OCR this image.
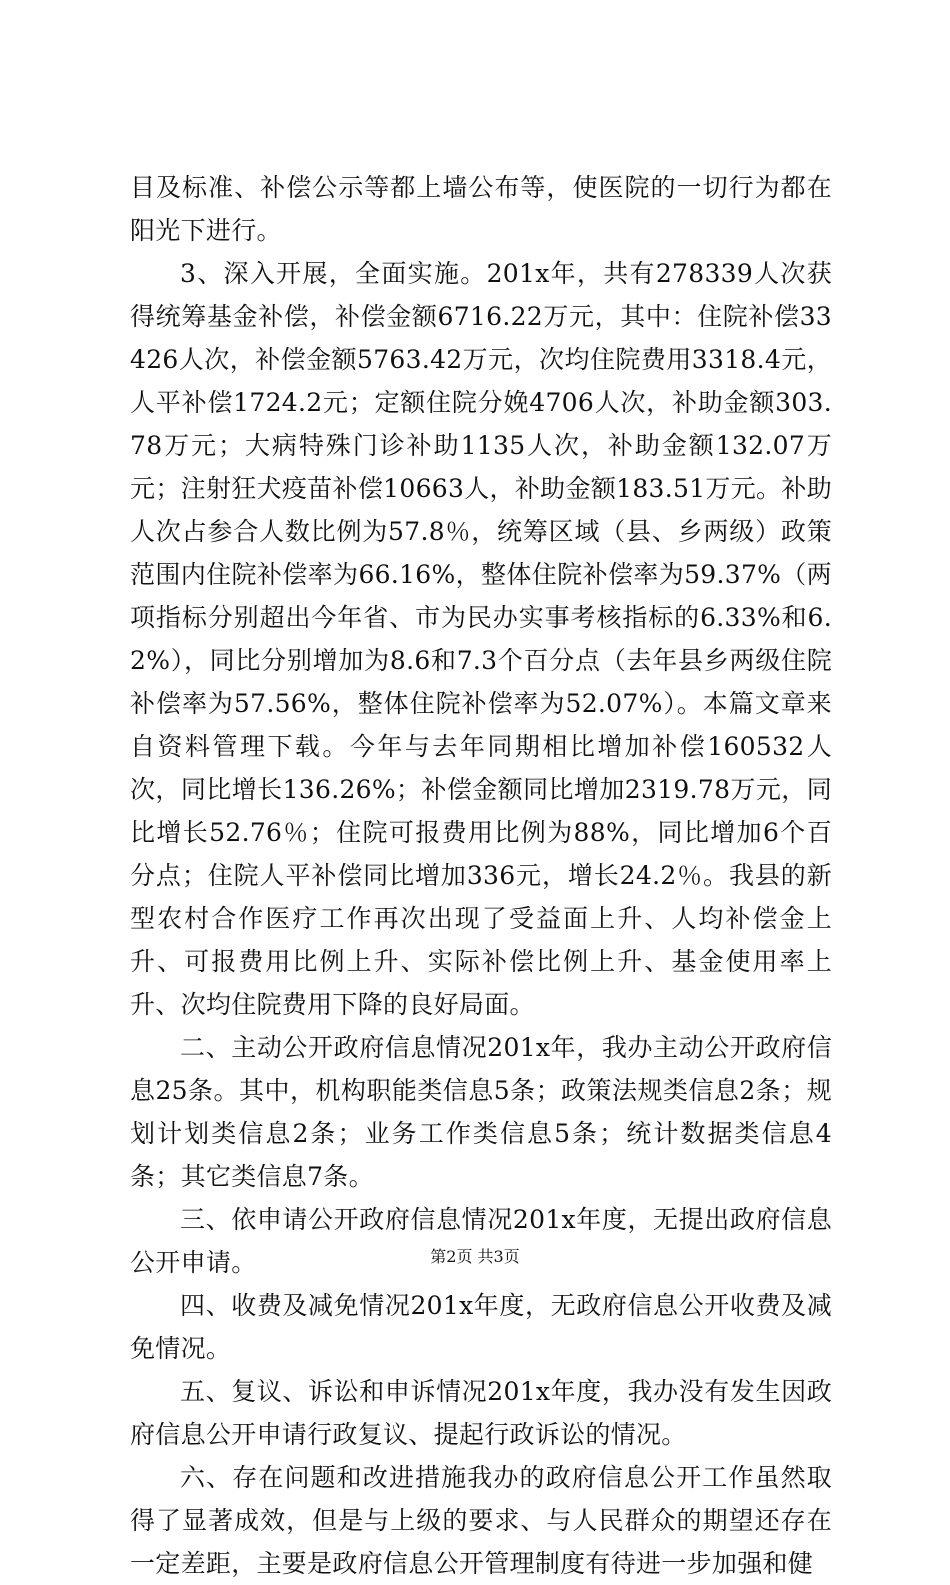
目及标准、补偿公示等都上墙公布等，使医院的一切行为都在阳光下进行。

3、深入开展，全面实施。201x年，共有278339人次获得统筹基金补偿，补偿金额6716.22万元，其中：住院补偿33426人次，补偿金额5763.42万元，次均住院费用3318.4元，人平补偿1724.2元；定额住院分娩4706人次，补助金额303.78万元；大病特殊门诊补助1135人次，补助金额132.07万元；注射狂犬疫苗补偿10663人，补助金额183.51万元。补助人次占参合人数比例为57.8％，统筹区域（县、乡两级）政策范围内住院补偿率为66.16%，整体住院补偿率为59.37%（两项指标分别超出今年省、市为民办实事考核指标的6.33%和6.2%），同比分别增加为8.6和7.3个百分点（去年县乡两级住院补偿率为57.56%，整体住院补偿率为52.07%）。本篇文章来自资料管理下载。今年与去年同期相比增加补偿160532人次，同比增长136.26%；补偿金额同比增加2319.78万元，同比增长52.76％；住院可报费用比例为88%，同比增加6个百分点；住院人平补偿同比增加336元，增长24.2％。我县的新型农村合作医疗工作再次出现了受益面上升、人均补偿金上升、可报费用比例上升、实际补偿比例上升、基金使用率上升、次均住院费用下降的良好局面。

二、主动公开政府信息情况201x年，我办主动公开政府信息25条。其中，机构职能类信息5条；政策法规类信息2条；规划计划类信息2条；业务工作类信息5条；统计数据类信息4条；其它类信息7条。

三、依申请公开政府信息情况201x年度，无提出政府信息公开申请。

四、收费及减免情况201x年度，无政府信息公开收费及减免情况。

五、复议、诉讼和申诉情况201x年度，我办没有发生因政府信息公开申请行政复议、提起行政诉讼的情况。

六、存在问题和改进措施我办的政府信息公开工作虽然取得了显著成效，但是与上级的要求、与人民群众的期望还存在一定差距，主要是政府信息公开管理制度有待进一步加强和健

第2页 共3页
